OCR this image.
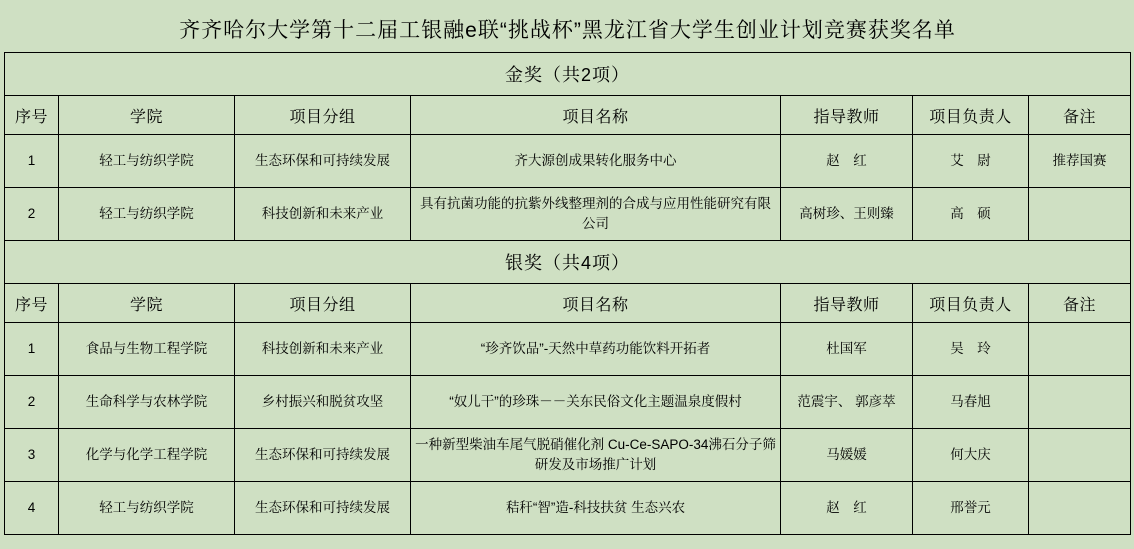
齐齐哈尔大学第十二届工银融e联“挑战杯”黑龙江省大学生创业计划竞赛获奖名单						
金奖（共2项）						
序号	学院	项目分组	项目名称	指导教师	项目负责人	备注
1	轻工与纺织学院	生态环保和可持续发展	齐大源创成果转化服务中心	赵　红	艾　尉	推荐国赛
2	轻工与纺织学院	科技创新和未来产业	具有抗菌功能的抗紫外线整理剂的合成与应用性能研究有限公司	高树珍、王则臻	高　硕	
银奖（共4项）						
序号	学院	项目分组	项目名称	指导教师	项目负责人	备注
1	食品与生物工程学院	科技创新和未来产业	“珍齐饮品”-天然中草药功能饮料开拓者	杜国军	吴　玲	
2	生命科学与农林学院	乡村振兴和脱贫攻坚	“奴儿干”的珍珠－－关东民俗文化主题温泉度假村	范震宇、 郭彦萃	马春旭	
3	化学与化学工程学院	生态环保和可持续发展	一种新型柴油车尾气脱硝催化剂 Cu-Ce-SAPO-34沸石分子筛研发及市场推广计划	马媛媛	何大庆	
4	轻工与纺织学院	生态环保和可持续发展	秸秆“智”造-科技扶贫 生态兴农	赵　红	邢誉元	
